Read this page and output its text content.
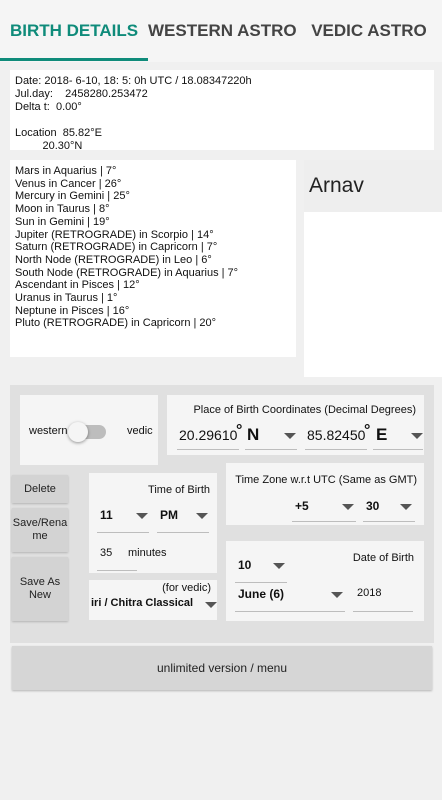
BIRTH DETAILS WESTERN ASTRO VEDIC ASTRO
Date: 2018- 6-10, 18: 5: 0h UTC / 18.08347220h
Jul.day:    2458280.253472
Delta t:  0.00°

Location  85.82°E
20.30°N
Mars in Aquarius | 7°
Venus in Cancer | 26°
Mercury in Gemini | 25°
Moon in Taurus | 8°
Sun in Gemini | 19°
Jupiter (RETROGRADE) in Scorpio | 14°
Saturn (RETROGRADE) in Capricorn | 7°
North Node (RETROGRADE) in Leo | 6°
South Node (RETROGRADE) in Aquarius | 7°
Ascendant in Pisces | 12°
Uranus in Taurus | 1°
Neptune in Pisces | 16°
Pluto (RETROGRADE) in Capricorn | 20°
Arnav
western	vedic
Place of Birth Coordinates (Decimal Degrees)
20.29610
° N	85.82450
° E
Delete
Save/Rena me
Save As New
Time of Birth
11	PM
35 minutes
(for vedic)
iri / Chitra Classical
Time Zone w.r.t UTC (Same as GMT)
+5	30
Date of Birth
10
June (6)	2018
unlimited version / menu
